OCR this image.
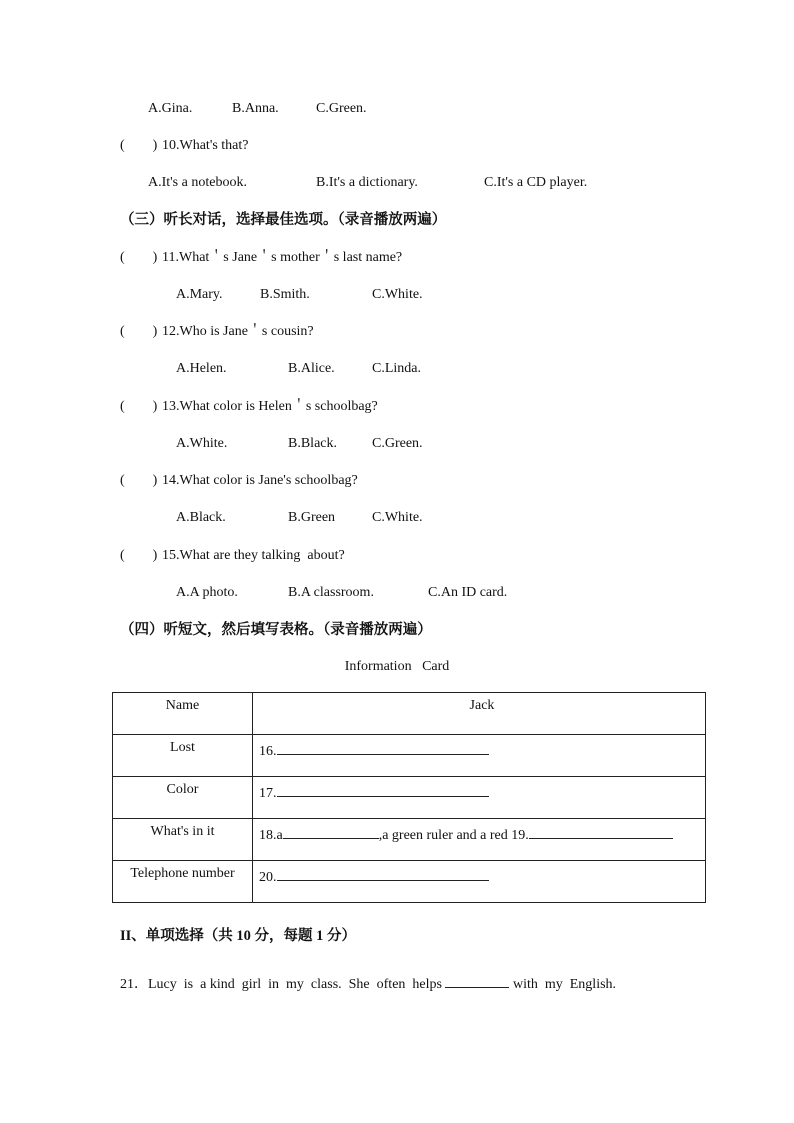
A.Gina.	B.Anna.	C.Green.
(        ) 10.What's that?
A.It's a notebook.	B.It's a dictionary.	C.It's a CD player.
（三）听长对话，选择最佳选项。（录音播放两遍）
(        ) 11.What＇s Jane＇s mother＇s last name?
A.Mary.	B.Smith.	C.White.
(        ) 12.Who is Jane＇s cousin?
A.Helen.	B.Alice.	C.Linda.
(        ) 13.What color is Helen＇s schoolbag?
A.White.	B.Black.	C.Green.
(        ) 14.What color is Jane's schoolbag?
A.Black.	B.Green	C.White.
(        ) 15.What are they talking  about?
A.A photo.	B.A classroom.	C.An ID card.
（四）听短文，然后填写表格。（录音播放两遍）
Information   Card
Name	Jack
Lost	16.
Color	17.
What's in it	18.a ,a green ruler and a red 19.
Telephone number	20.
II、单项选择（共 10 分，每题 1 分）
21．Lucy  is  a kind  girl  in  my  class.  She  often  helps	with  my  English.
